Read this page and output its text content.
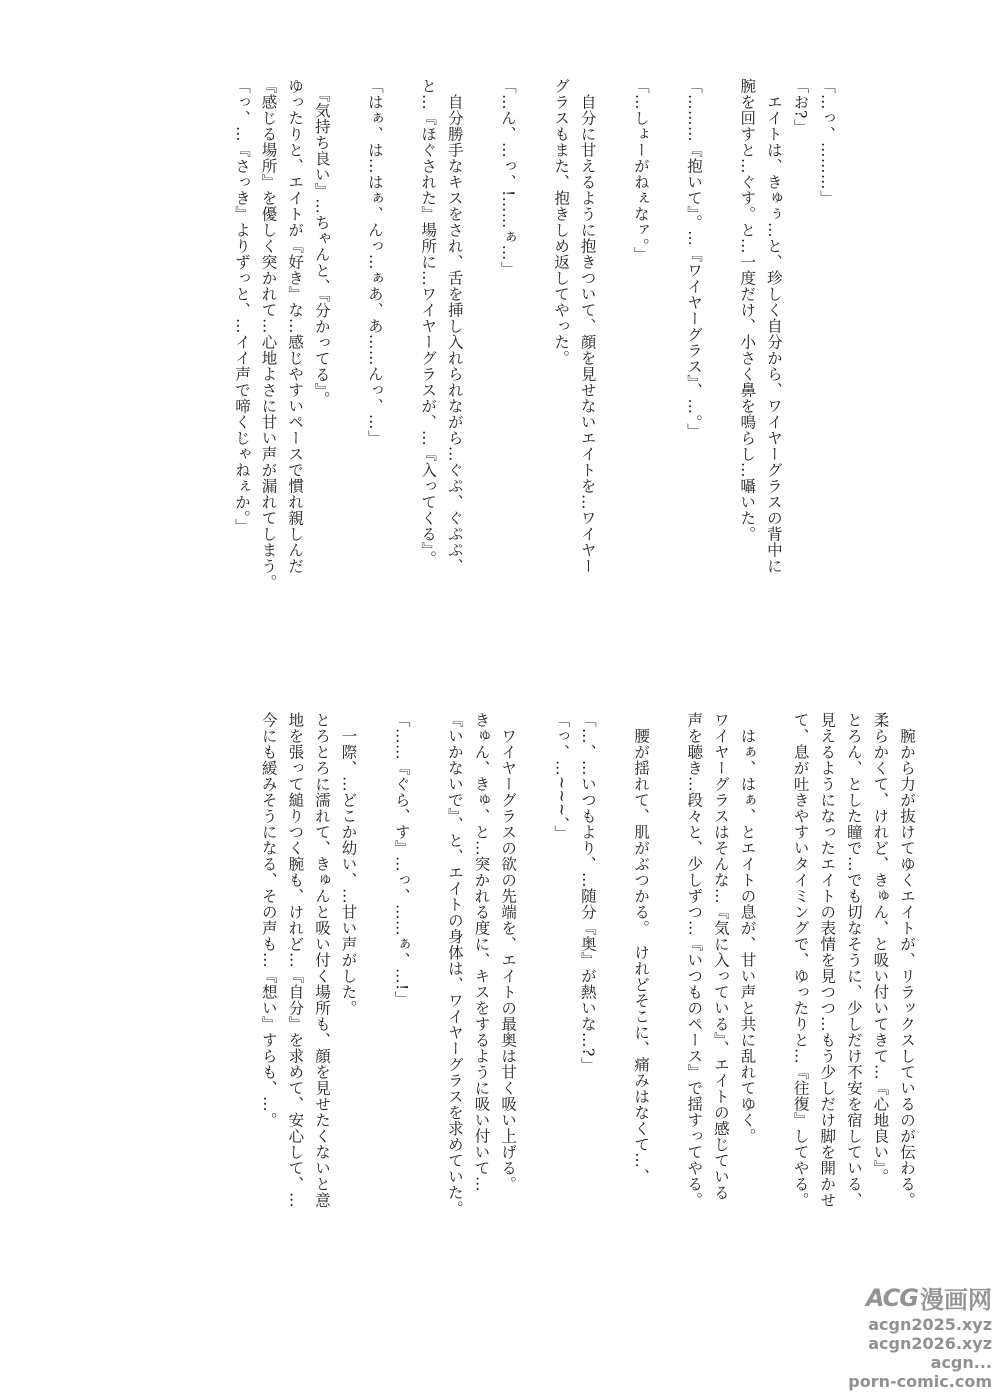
「…っ、………」
「お?」
　エイトは、きゅぅ…と、珍しく自分から、ワイヤーグラスの背中に
腕を回すと…ぐす。と…一度だけ、小さく鼻を鳴らし…囁いた。
「………『抱いて』。…『ワイヤーグラス』、…。」
「…しょーがねぇなァ。」
　自分に甘えるように抱きついて、顔を見せないエイトを…ワイヤー
グラスもまた、抱きしめ返してやった。
「…ん、…っ、!……ぁ…」
　自分勝手なキスをされ、舌を挿し入れられながら…ぐぷ、ぐぷぷ、
と…『ほぐされた』場所に…ワイヤーグラスが、…『入ってくる』。
「はぁ、は…はぁ、んっ…ぁあ、あ……んっ、…」
　『気持ち良い』…ちゃんと、『分かってる』。
ゆったりと、エイトが『好き』な…感じやすいペースで慣れ親しんだ
『感じる場所』を優しく突かれて…心地よさに甘い声が漏れてしまう。
「っ、…『さっき』よりずっと、…イイ声で啼くじゃねぇか。」
　腕から力が抜けてゆくエイトが、リラックスしているのが伝わる。
柔らかくて、けれど、きゅん、と吸い付いてきて…『心地良い』。
とろん、とした瞳で…でも切なそうに、少しだけ不安を宿している、
見えるようになったエイトの表情を見つつ…もう少しだけ脚を開かせ
て、息が吐きやすいタイミングで、ゆったりと…『往復』してやる。
　はぁ、はぁ、とエイトの息が、甘い声と共に乱れてゆく。
ワイヤーグラスはそんな…『気に入っている』、エイトの感じている
声を聴き…段々と、少しずつ…『いつものペース』で揺すってやる。
　腰が揺れて、肌がぶつかる。　けれどそこに、痛みはなくて…、
「…、…いつもより、…随分『奥』が熱いな…?」
「っ、…~~~、」
　ワイヤーグラスの欲の先端を、エイトの最奥は甘く吸い上げる。
きゅん、きゅ、と…突かれる度に、キスをするように吸い付いて…
『いかないで』、と、エイトの身体は、ワイヤーグラスを求めていた。
「……『ぐら、す』…っ、……ぁ、…!」
　一際、…どこか幼い、…甘い声がした。
とろとろに濡れて、きゅんと吸い付く場所も、顔を見せたくないと意
地を張って縋りつく腕も、けれど…『自分』を求めて、安心して、…
今にも緩みそうになる、その声も…『想い』すらも、…。
ACG 漫画网
acgn2025.xyz
acgn2026.xyz
acgn...
porn-comic.com
